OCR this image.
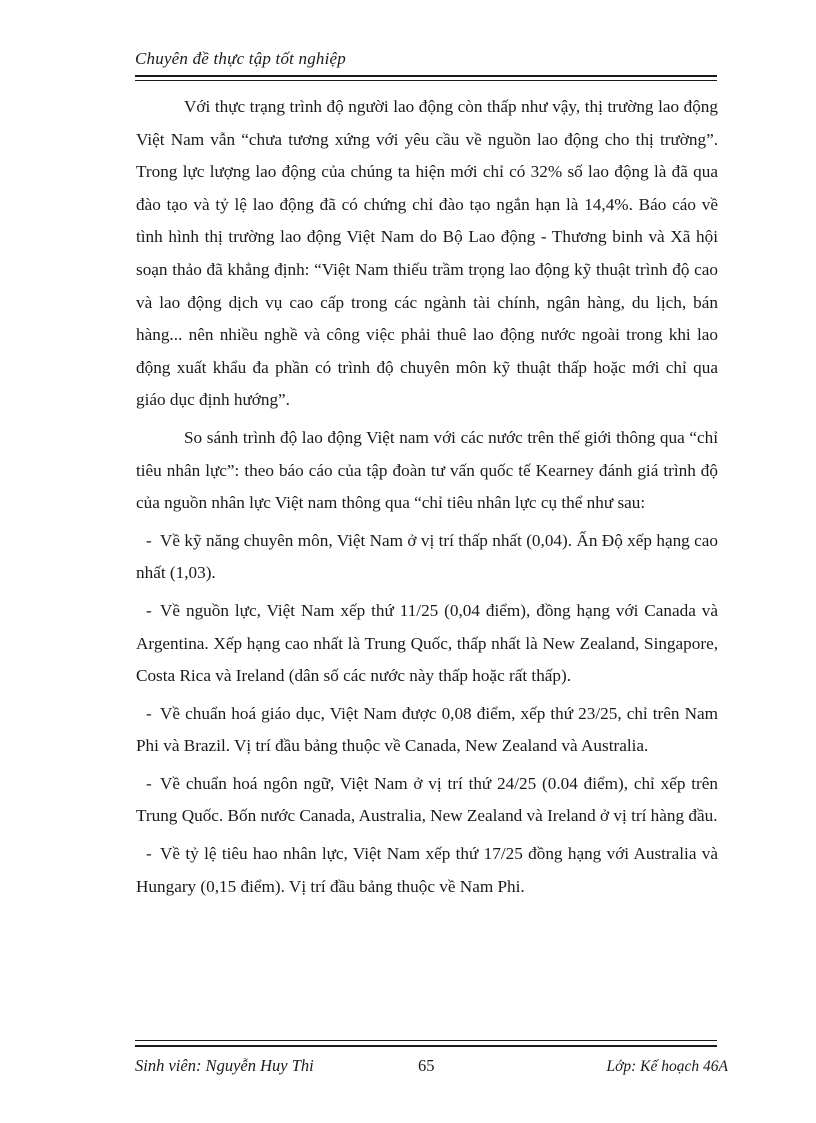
Chuyên đề thực tập tốt nghiệp

Với thực trạng trình độ người lao động còn thấp như vậy, thị trường lao động Việt Nam vẫn “chưa tương xứng với yêu cầu về nguồn lao động cho thị trường”. Trong lực lượng lao động của chúng ta hiện mới chỉ có 32% số lao động là đã qua đào tạo và tỷ lệ lao động đã có chứng chỉ đào tạo ngắn hạn là 14,4%. Báo cáo về tình hình thị trường lao động Việt Nam do Bộ Lao động - Thương binh và Xã hội soạn thảo đã khẳng định: “Việt Nam thiếu trầm trọng lao động kỹ thuật trình độ cao và lao động dịch vụ cao cấp trong các ngành tài chính, ngân hàng, du lịch, bán hàng... nên nhiều nghề và công việc phải thuê lao động nước ngoài trong khi lao động xuất khẩu đa phần có trình độ chuyên môn kỹ thuật thấp hoặc mới chỉ qua giáo dục định hướng”.

So sánh trình độ lao động Việt nam với các nước trên thế giới thông qua “chỉ tiêu nhân lực”: theo báo cáo của tập đoàn tư vấn quốc tế Kearney đánh giá trình độ của nguồn nhân lực Việt nam thông qua “chỉ tiêu nhân lực cụ thể như sau:

- Về kỹ năng chuyên môn, Việt Nam ở vị trí thấp nhất (0,04). Ấn Độ xếp hạng cao nhất (1,03).

- Về nguồn lực, Việt Nam xếp thứ 11/25 (0,04 điểm), đồng hạng với Canada và Argentina. Xếp hạng cao nhất là Trung Quốc, thấp nhất là New Zealand, Singapore, Costa Rica và Ireland (dân số các nước này thấp hoặc rất thấp).

- Về chuẩn hoá giáo dục, Việt Nam được 0,08 điểm, xếp thứ 23/25, chỉ trên Nam Phi và Brazil. Vị trí đầu bảng thuộc về Canada, New Zealand và Australia.

- Về chuẩn hoá ngôn ngữ, Việt Nam ở vị trí thứ 24/25 (0.04 điểm), chỉ xếp trên Trung Quốc. Bốn nước Canada, Australia, New Zealand và Ireland ở vị trí hàng đầu.

- Về tỷ lệ tiêu hao nhân lực, Việt Nam xếp thứ 17/25 đồng hạng với Australia và Hungary (0,15 điểm). Vị trí đầu bảng thuộc về Nam Phi.

Sinh viên: Nguyễn Huy Thi	65	Lớp: Kế hoạch 46A
